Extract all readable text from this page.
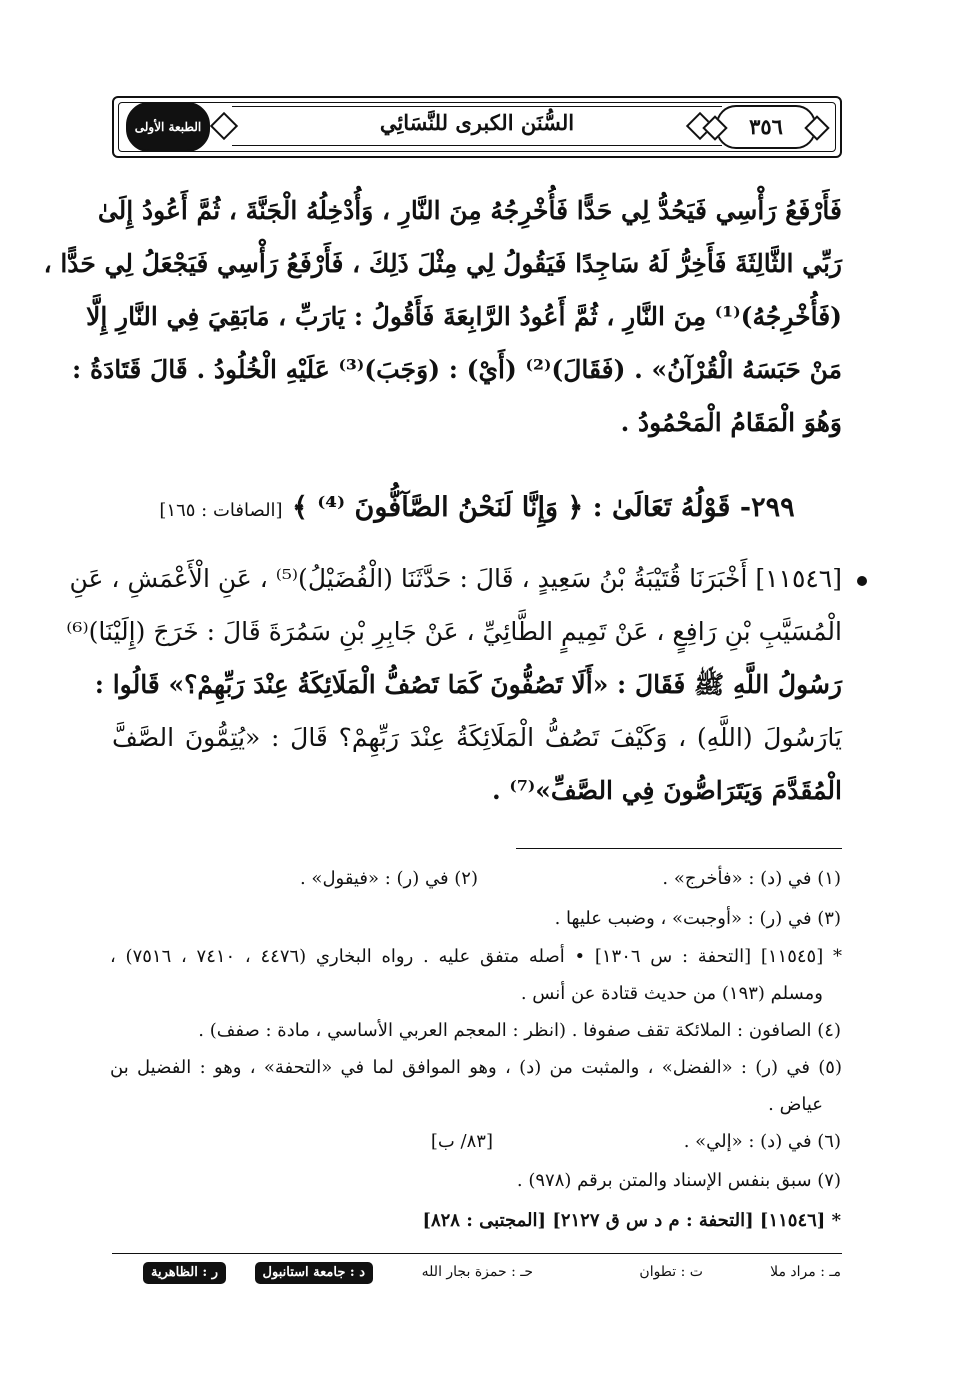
الطبعة الأولى	السُّنَن الكبرى للنَّسَائِي	٣٥٦
فَأَرْفَعُ رَأْسِي فَيَحُدُّ لِي حَدًّا فَأُخْرِجُهُ مِنَ النَّارِ ، وَأُدْخِلُهُ الْجَنَّةَ ، ثُمَّ أَعُودُ إِلَىٰ
رَبِّي الثَّالِثَةَ فَأَخِرُّ لَهُ سَاجِدًا فَيَقُولُ لِي مِثْلَ ذَلِكَ ، فَأَرْفَعُ رَأْسِي فَيَجْعَلُ لِي حَدًّا ،
(فَأُخْرِجُهُ)⁽¹⁾ مِنَ النَّارِ ، ثُمَّ أَعُودُ الرَّابِعَةَ فَأَقُولُ : يَارَبِّ ، مَابَقِيَ فِي النَّارِ إِلَّا
مَنْ حَبَسَهُ الْقُرْآنُ» . (فَقَالَ)⁽²⁾ (أَيْ) : (وَجَبَ)⁽³⁾ عَلَيْهِ الْخُلُودُ . قَالَ قَتَادَةُ :
وَهُوَ الْمَقَامُ الْمَحْمُودُ .
٢٩٩- قَوْلُهُ تَعَالَىٰ : ﴿ وَإِنَّا لَنَحْنُ الصَّآفُّونَ ⁽⁴⁾ ﴾ [الصافات : ١٦٥]
[١١٥٤٦] أَخْبَرَنَا قُتَيْبَةُ بْنُ سَعِيدٍ ، قَالَ : حَدَّثَنَا (الْفُضَيْلُ)⁽⁵⁾ ، عَنِ الْأَعْمَشِ ، عَنِ
الْمُسَيَّبِ بْنِ رَافِعٍ ، عَنْ تَمِيمٍ الطَّائِيِّ ، عَنْ جَابِرِ بْنِ سَمُرَةَ قَالَ : خَرَجَ (إِلَيْنَا)⁽⁶⁾
رَسُولُ اللَّهِ ﷺ فَقَالَ : «أَلَا تَصُفُّونَ كَمَا تَصُفُّ الْمَلَائِكَةُ عِنْدَ رَبِّهِمْ؟» قَالُوا :
يَارَسُولَ (اللَّهِ) ، وَكَيْفَ تَصُفُّ الْمَلَائِكَةُ عِنْدَ رَبِّهِمْ؟ قَالَ : «يُتِمُّونَ الصَّفَّ
الْمُقَدَّمَ وَيَتَرَاصُّونَ فِي الصَّفِّ»⁽⁷⁾ .
(١) في (د) : «فأخرج» .
(٢) في (ر) : «فيقول» .
(٣) في (ر) : «أوجبت» ، وضبب عليها .
* [١١٥٤٥] [التحفة : س ١٣٠٦] • أصله متفق عليه . رواه البخاري (٤٤٧٦ ، ٧٤١٠ ، ٧٥١٦) ،
ومسلم (١٩٣) من حديث قتادة عن أنس .
(٤) الصافون : الملائكة تقف صفوفا . (انظر : المعجم العربي الأساسي ، مادة : صفف) .
(٥) في (ر) : «الفضل» ، والمثبت من (د) ، وهو الموافق لما في «التحفة» ، وهو : الفضيل بن
عياض .
(٦) في (د) : «إلي» .
[٨٣/ ب]
(٧) سبق بنفس الإسناد والمتن برقم (٩٧٨) .
* [١١٥٤٦] [التحفة : م د س ق ٢١٢٧] [المجتبى : ٨٢٨]
مـ : مراد ملا
ت : تطوان
حـ : حمزة بجار الله
د : جامعة استانبول
ر : الظاهرية
